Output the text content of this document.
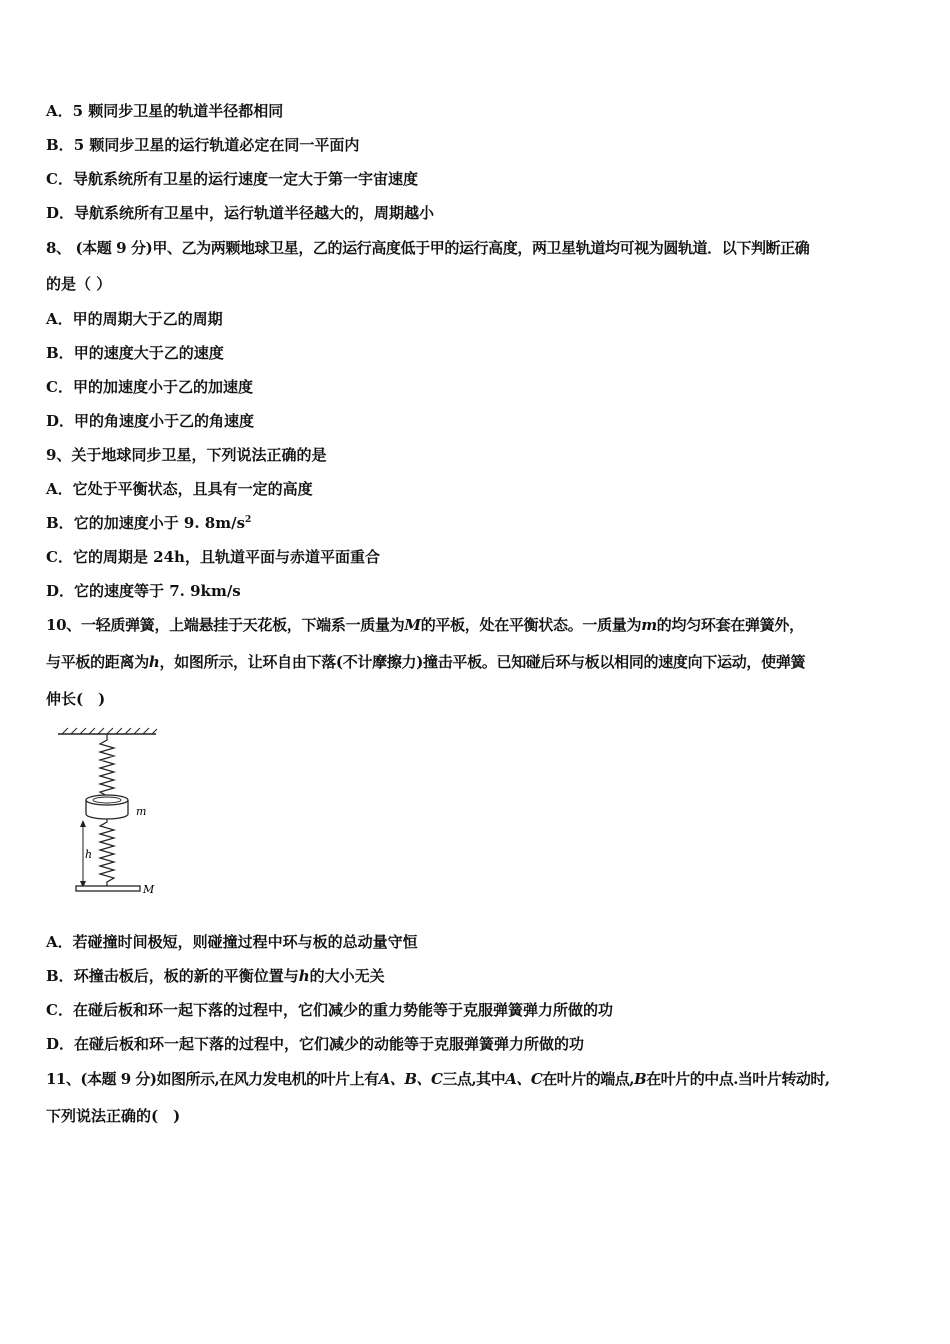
A．5 颗同步卫星的轨道半径都相同
B．5 颗同步卫星的运行轨道必定在同一平面内
C．导航系统所有卫星的运行速度一定大于第一宇宙速度
D．导航系统所有卫星中，运行轨道半径越大的，周期越小
8、 (本题 9 分)甲、乙为两颗地球卫星，乙的运行高度低于甲的运行高度，两卫星轨道均可视为圆轨道．以下判断正确
的是（ ）
A．甲的周期大于乙的周期
B．甲的速度大于乙的速度
C．甲的加速度小于乙的加速度
D．甲的角速度小于乙的角速度
9、关于地球同步卫星，下列说法正确的是
A．它处于平衡状态，且具有一定的高度
B．它的加速度小于 9. $8m/s^2$
C．它的周期是 24h，且轨道平面与赤道平面重合
D．它的速度等于 7. 9km/s
10、一轻质弹簧，上端悬挂于天花板，下端系一质量为M的平板，处在平衡状态。一质量为m的均匀环套在弹簧外，
与平板的距离为h，如图所示，让环自由下落(不计摩擦力)撞击平板。已知碰后环与板以相同的速度向下运动，使弹簧
伸长(　)
m
h
M
A．若碰撞时间极短，则碰撞过程中环与板的总动量守恒
B．环撞击板后，板的新的平衡位置与h的大小无关
C．在碰后板和环一起下落的过程中，它们减少的重力势能等于克服弹簧弹力所做的功
D．在碰后板和环一起下落的过程中，它们减少的动能等于克服弹簧弹力所做的功
11、(本题 9 分)如图所示,在风力发电机的叶片上有A、B、C三点,其中A、C在叶片的端点,B在叶片的中点.当叶片转动时,
下列说法正确的(　)
